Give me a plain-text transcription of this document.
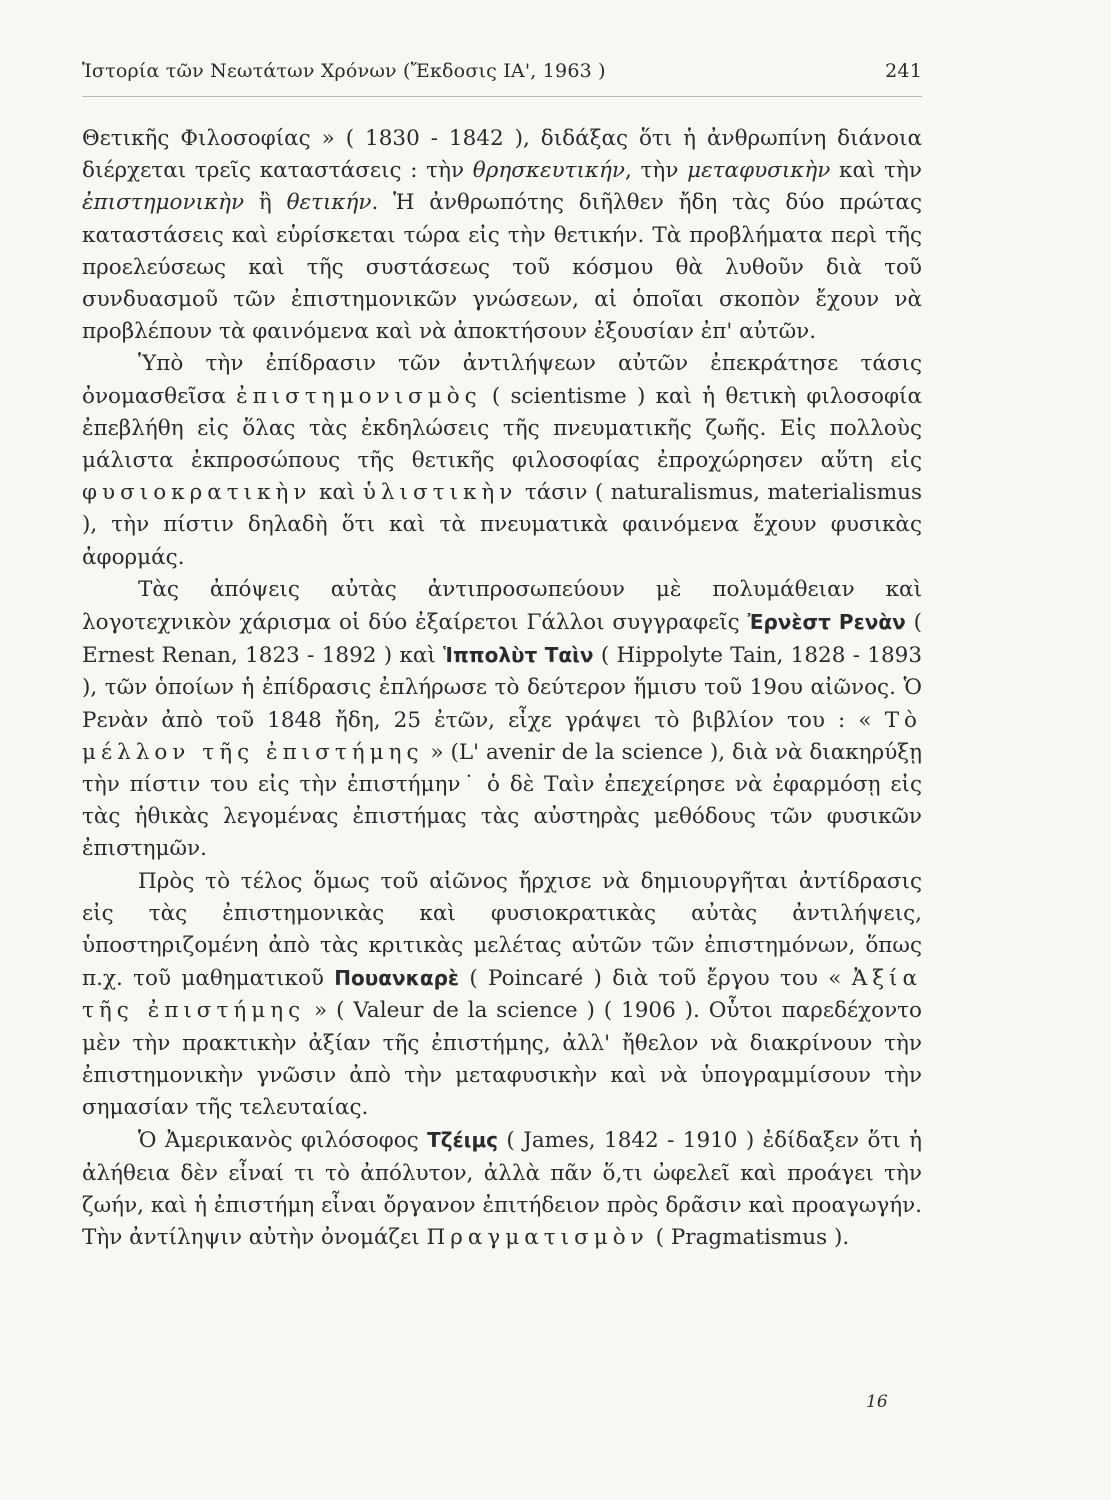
Ἱστορία τῶν Νεωτάτων Χρόνων (Ἔκδοσις ΙΑ', 1963 )	241

Θετικῆς Φιλοσοφίας » ( 1830 - 1842 ), διδάξας ὅτι ἡ ἀνθρωπίνη διάνοια διέρχεται τρεῖς καταστάσεις : τὴν θρησκευτικήν, τὴν μεταφυσικὴν καὶ τὴν ἐπιστημονικὴν ἢ θετικήν. Ἡ ἀνθρωπότης διῆλθεν ἤδη τὰς δύο πρώτας καταστάσεις καὶ εὑρίσκεται τώρα εἰς τὴν θετικήν. Τὰ προβλήματα περὶ τῆς προελεύσεως καὶ τῆς συστάσεως τοῦ κόσμου θὰ λυθοῦν διὰ τοῦ συνδυασμοῦ τῶν ἐπιστημονικῶν γνώσεων, αἱ ὁποῖαι σκοπὸν ἔχουν νὰ προβλέπουν τὰ φαινόμενα καὶ νὰ ἀποκτήσουν ἐξουσίαν ἐπ' αὐτῶν.

Ὑπὸ τὴν ἐπίδρασιν τῶν ἀντιλήψεων αὐτῶν ἐπεκράτησε τάσις ὀνομασθεῖσα ἐπιστημονισμὸς ( scientisme ) καὶ ἡ θετικὴ φιλοσοφία ἐπεβλήθη εἰς ὅλας τὰς ἐκδηλώσεις τῆς πνευματικῆς ζωῆς. Εἰς πολλοὺς μάλιστα ἐκπροσώπους τῆς θετικῆς φιλοσοφίας ἐπροχώρησεν αὕτη εἰς φυσιοκρατικὴν καὶ ὑλιστικὴν τάσιν ( naturalismus, materialismus ), τὴν πίστιν δηλαδὴ ὅτι καὶ τὰ πνευματικὰ φαινόμενα ἔχουν φυσικὰς ἀφορμάς.

Τὰς ἀπόψεις αὐτὰς ἀντιπροσωπεύουν μὲ πολυμάθειαν καὶ λογοτεχνικὸν χάρισμα οἱ δύο ἐξαίρετοι Γάλλοι συγγραφεῖς Ἐρνὲστ Ρενὰν ( Ernest Renan, 1823 - 1892 ) καὶ Ἱππολὺτ Ταὶν ( Hippolyte Tain, 1828 - 1893 ), τῶν ὁποίων ἡ ἐπίδρασις ἐπλήρωσε τὸ δεύτερον ἥμισυ τοῦ 19ου αἰῶνος. Ὁ Ρενὰν ἀπὸ τοῦ 1848 ἤδη, 25 ἐτῶν, εἶχε γράψει τὸ βιβλίον του : « Τὸ μέλλον τῆς ἐπιστήμης » (L' avenir de la science ), διὰ νὰ διακηρύξῃ τὴν πίστιν του εἰς τὴν ἐπιστήμην˙ ὁ δὲ Ταὶν ἐπεχείρησε νὰ ἐφαρμόσῃ εἰς τὰς ἠθικὰς λεγομένας ἐπιστήμας τὰς αὐστηρὰς μεθόδους τῶν φυσικῶν ἐπιστημῶν.

Πρὸς τὸ τέλος ὅμως τοῦ αἰῶνος ἤρχισε νὰ δημιουργῆται ἀντίδρασις εἰς τὰς ἐπιστημονικὰς καὶ φυσιοκρατικὰς αὐτὰς ἀντιλήψεις, ὑποστηριζομένη ἀπὸ τὰς κριτικὰς μελέτας αὐτῶν τῶν ἐπιστημόνων, ὅπως π.χ. τοῦ μαθηματικοῦ Πουανκαρὲ ( Poincaré ) διὰ τοῦ ἔργου του « Ἀξία τῆς ἐπιστήμης » ( Valeur de la science ) ( 1906 ). Οὗτοι παρεδέχοντο μὲν τὴν πρακτικὴν ἀξίαν τῆς ἐπιστήμης, ἀλλ' ἤθελον νὰ διακρίνουν τὴν ἐπιστημονικὴν γνῶσιν ἀπὸ τὴν μεταφυσικὴν καὶ νὰ ὑπογραμμίσουν τὴν σημασίαν τῆς τελευταίας.

Ὁ Ἀμερικανὸς φιλόσοφος Τζέιμς ( James, 1842 - 1910 ) ἐδίδαξεν ὅτι ἡ ἀλήθεια δὲν εἶναί τι τὸ ἀπόλυτον, ἀλλὰ πᾶν ὅ,τι ὠφελεῖ καὶ προάγει τὴν ζωήν, καὶ ἡ ἐπιστήμη εἶναι ὄργανον ἐπιτήδειον πρὸς δρᾶσιν καὶ προαγωγήν. Τὴν ἀντίληψιν αὐτὴν ὀνομάζει Πραγματισμὸν ( Pragmatismus ).

16
